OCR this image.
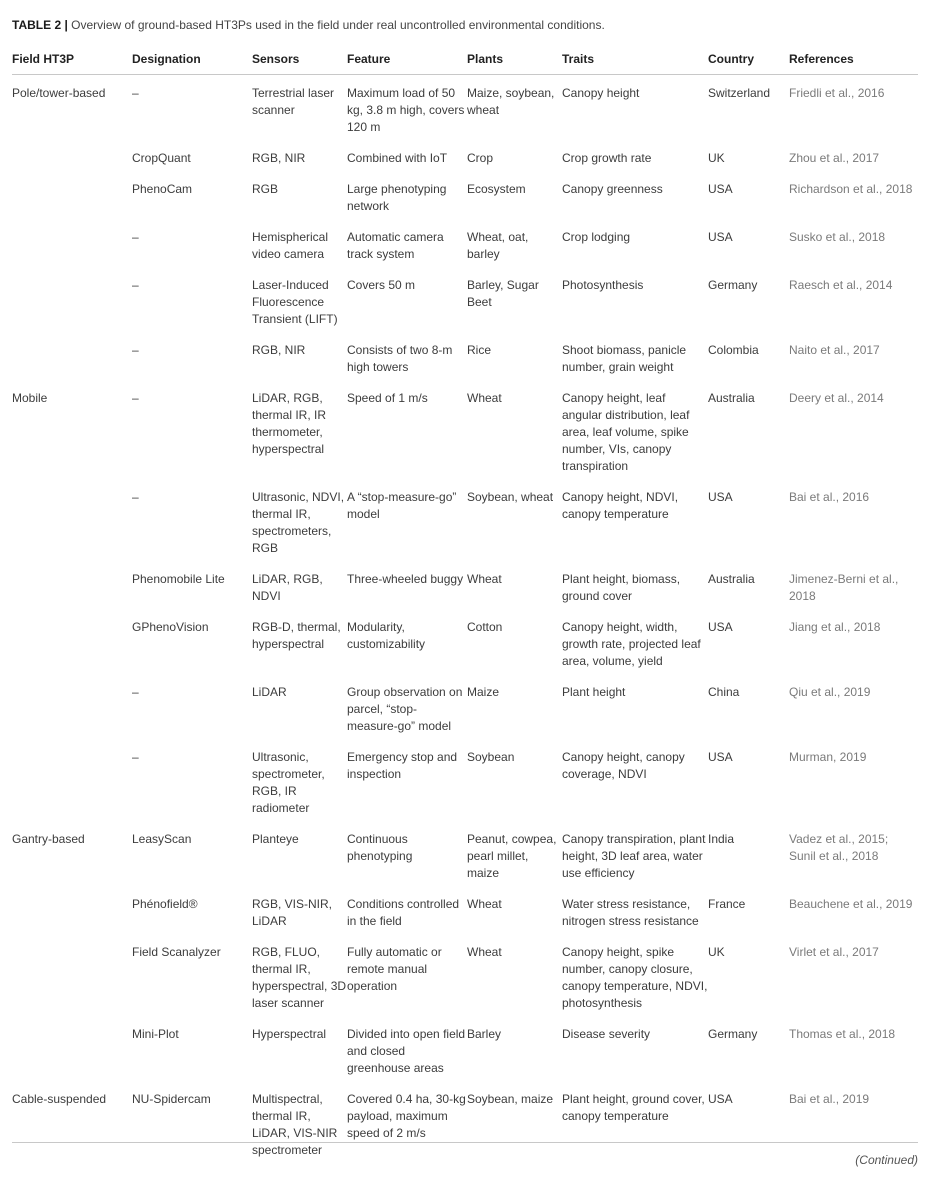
TABLE 2 | Overview of ground-based HT3Ps used in the field under real uncontrolled environmental conditions.
Field HT3P	Designation	Sensors	Feature	Plants	Traits	Country	References

Pole/tower-based	–	Terrestrial laser scanner	Maximum load of 50 kg, 3.8 m high, covers 120 m	Maize, soybean, wheat	Canopy height	Switzerland	Friedli et al., 2016

	CropQuant	RGB, NIR	Combined with IoT	Crop	Crop growth rate	UK	Zhou et al., 2017

	PhenoCam	RGB	Large phenotyping network	Ecosystem	Canopy greenness	USA	Richardson et al., 2018

	–	Hemispherical video camera	Automatic camera track system	Wheat, oat, barley	Crop lodging	USA	Susko et al., 2018

	–	Laser-Induced Fluorescence Transient (LIFT)	Covers 50 m	Barley, Sugar Beet	Photosynthesis	Germany	Raesch et al., 2014

	–	RGB, NIR	Consists of two 8-m high towers	Rice	Shoot biomass, panicle number, grain weight	Colombia	Naito et al., 2017

Mobile	–	LiDAR, RGB, thermal IR, IR thermometer, hyperspectral	Speed of 1 m/s	Wheat	Canopy height, leaf angular distribution, leaf area, leaf volume, spike number, VIs, canopy transpiration	Australia	Deery et al., 2014

	–	Ultrasonic, NDVI, thermal IR, spectrometers, RGB	A “stop-measure-go” model	Soybean, wheat	Canopy height, NDVI, canopy temperature	USA	Bai et al., 2016

	Phenomobile Lite	LiDAR, RGB, NDVI	Three-wheeled buggy	Wheat	Plant height, biomass, ground cover	Australia	Jimenez-Berni et al., 2018

	GPhenoVision	RGB-D, thermal, hyperspectral	Modularity, customizability	Cotton	Canopy height, width, growth rate, projected leaf area, volume, yield	USA	Jiang et al., 2018

	–	LiDAR	Group observation on parcel, “stop-measure-go” model	Maize	Plant height	China	Qiu et al., 2019

	–	Ultrasonic, spectrometer, RGB, IR radiometer	Emergency stop and inspection	Soybean	Canopy height, canopy coverage, NDVI	USA	Murman, 2019

Gantry-based	LeasyScan	Planteye	Continuous phenotyping	Peanut, cowpea, pearl millet, maize	Canopy transpiration, plant height, 3D leaf area, water use efficiency	India	Vadez et al., 2015; Sunil et al., 2018

	Phénofield®	RGB, VIS-NIR, LiDAR	Conditions controlled in the field	Wheat	Water stress resistance, nitrogen stress resistance	France	Beauchene et al., 2019

	Field Scanalyzer	RGB, FLUO, thermal IR, hyperspectral, 3D laser scanner	Fully automatic or remote manual operation	Wheat	Canopy height, spike number, canopy closure, canopy temperature, NDVI, photosynthesis	UK	Virlet et al., 2017

	Mini-Plot	Hyperspectral	Divided into open field and closed greenhouse areas	Barley	Disease severity	Germany	Thomas et al., 2018

Cable-suspended	NU-Spidercam	Multispectral, thermal IR, LiDAR, VIS-NIR spectrometer	Covered 0.4 ha, 30-kg payload, maximum speed of 2 m/s	Soybean, maize	Plant height, ground cover, canopy temperature	USA	Bai et al., 2019
(Continued)
